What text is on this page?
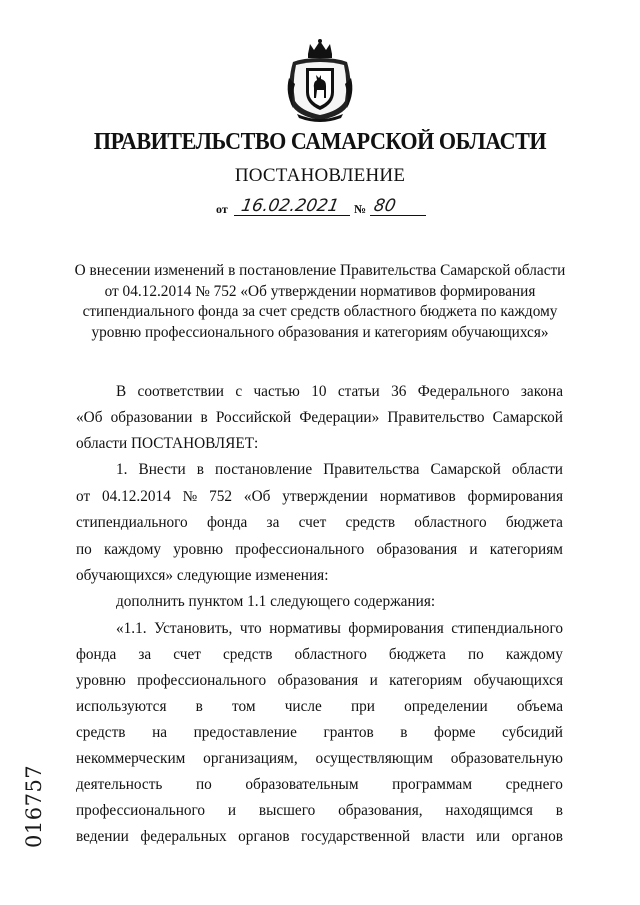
ПРАВИТЕЛЬСТВО САМАРСКОЙ ОБЛАСТИ
ПОСТАНОВЛЕНИЕ
от 16.02.2021	№ 80
О внесении изменений в постановление Правительства Самарской области
от 04.12.2014 № 752 «Об утверждении нормативов формирования
стипендиального фонда за счет средств областного бюджета по каждому
уровню профессионального образования и категориям обучающихся»
В соответствии с частью 10 статьи 36 Федерального закона
«Об образовании в Российской Федерации» Правительство Самарской
области ПОСТАНОВЛЯЕТ:
1. Внести в постановление Правительства Самарской области
от 04.12.2014 № 752 «Об утверждении нормативов формирования
стипендиального фонда за счет средств областного бюджета
по каждому уровню профессионального образования и категориям
обучающихся» следующие изменения:
дополнить пунктом 1.1 следующего содержания:
«1.1. Установить, что нормативы формирования стипендиального
фонда за счет средств областного бюджета по каждому
уровню профессионального образования и категориям обучающихся
используются в том числе при определении объема
средств на предоставление грантов в форме субсидий
некоммерческим организациям, осуществляющим образовательную
деятельность по образовательным программам среднего
профессионального и высшего образования, находящимся в
ведении федеральных органов государственной власти или органов
016757
